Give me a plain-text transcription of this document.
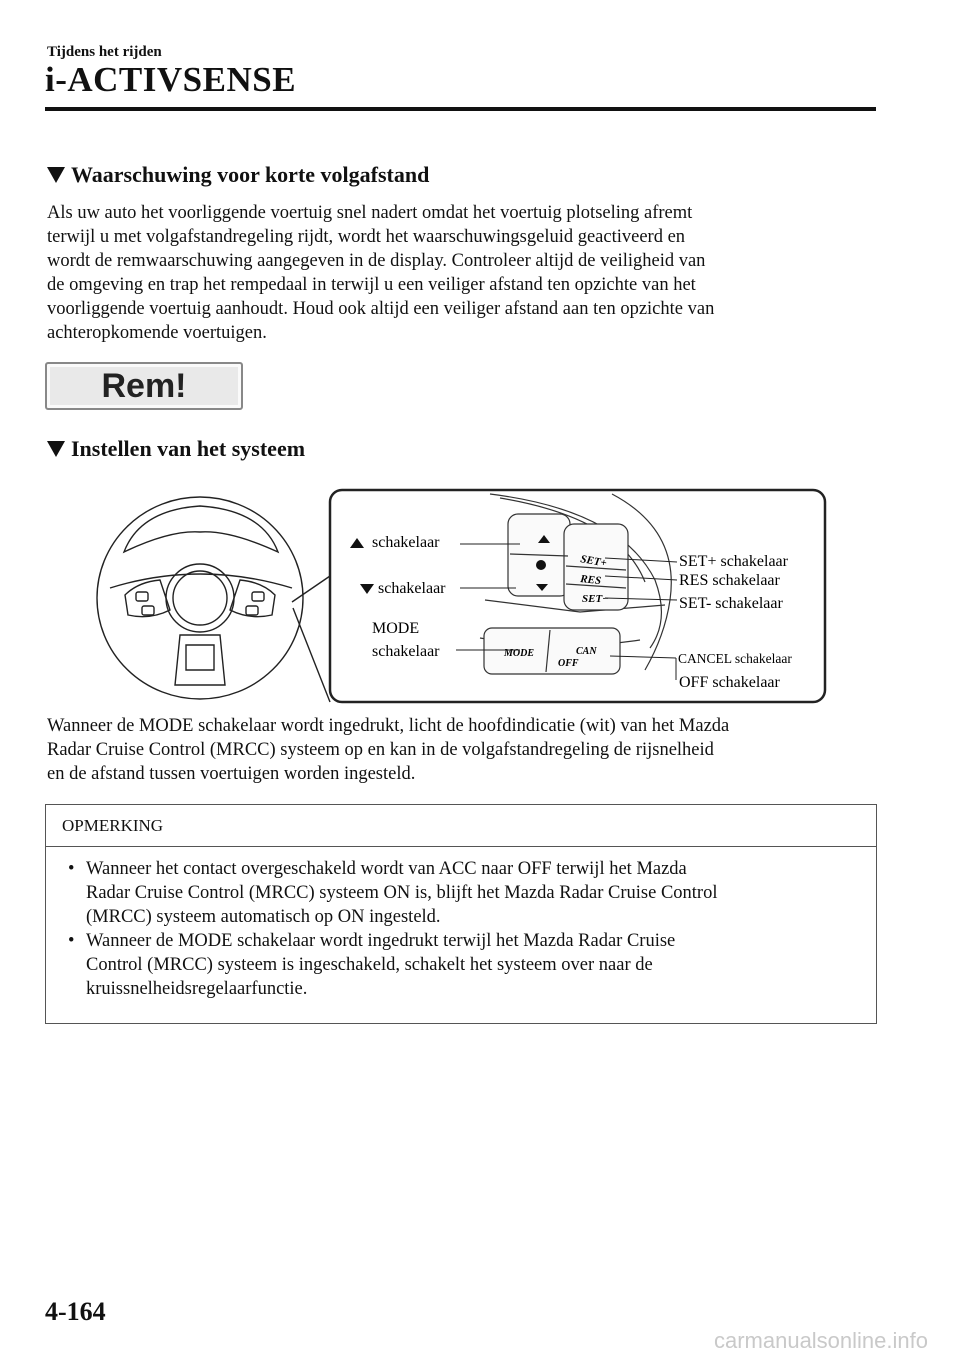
Tijdens het rijden
i-ACTIVSENSE
Waarschuwing voor korte volgafstand
Als uw auto het voorliggende voertuig snel nadert omdat het voertuig plotseling afremt
terwijl u met volgafstandregeling rijdt, wordt het waarschuwingsgeluid geactiveerd en
wordt de remwaarschuwing aangegeven in de display. Controleer altijd de veiligheid van
de omgeving en trap het rempedaal in terwijl u een veiliger afstand ten opzichte van het
voorliggende voertuig aanhoudt. Houd ook altijd een veiliger afstand aan ten opzichte van
achteropkomende voertuigen.
Rem!
Instellen van het systeem
SET+
RES
SET−
MODE	CAN
OFF
schakelaar
schakelaar
MODE
schakelaar
SET+ schakelaar
RES schakelaar
SET- schakelaar
CANCEL schakelaar
OFF schakelaar
Wanneer de MODE schakelaar wordt ingedrukt, licht de hoofdindicatie (wit) van het Mazda
Radar Cruise Control (MRCC) systeem op en kan in de volgafstandregeling de rijsnelheid
en de afstand tussen voertuigen worden ingesteld.
OPMERKING
• Wanneer het contact overgeschakeld wordt van ACC naar OFF terwijl het Mazda
Radar Cruise Control (MRCC) systeem ON is, blijft het Mazda Radar Cruise Control
(MRCC) systeem automatisch op ON ingesteld.
• Wanneer de MODE schakelaar wordt ingedrukt terwijl het Mazda Radar Cruise
Control (MRCC) systeem is ingeschakeld, schakelt het systeem over naar de
kruissnelheidsregelaarfunctie.
4-164
carmanualsonline.info
